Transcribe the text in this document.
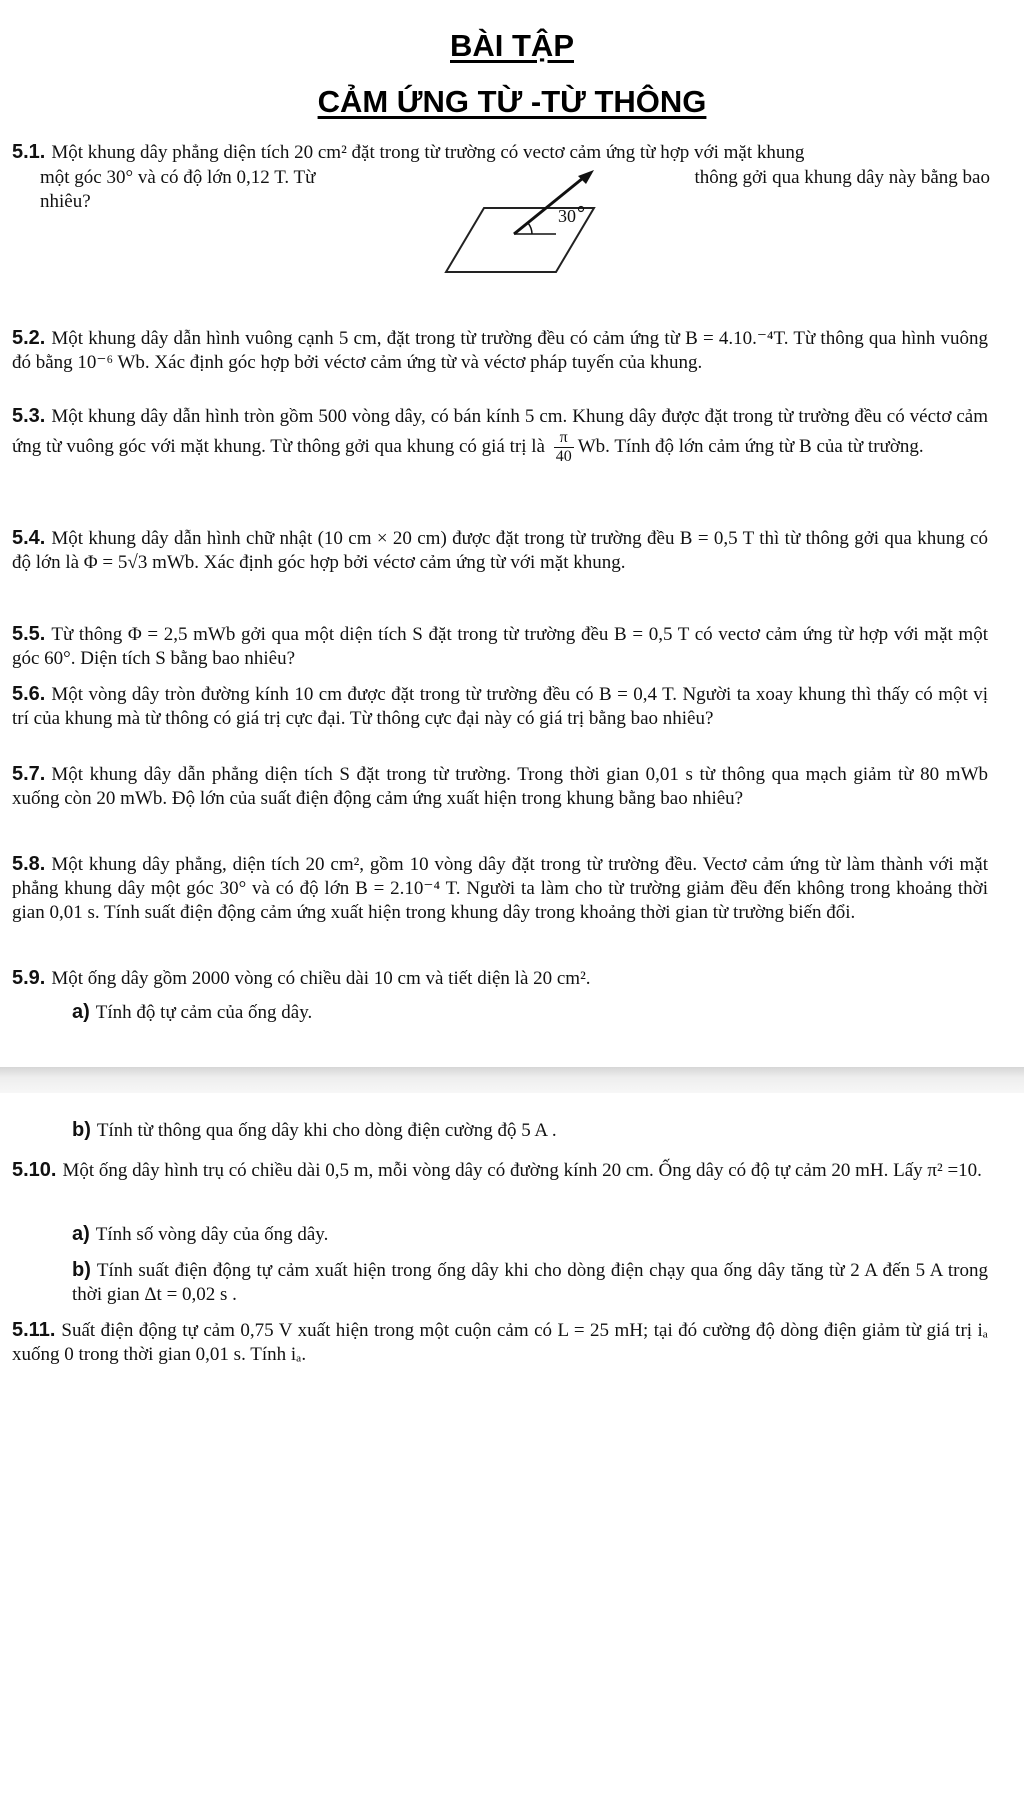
BÀI TẬP
CẢM ỨNG TỪ -TỪ THÔNG
5.1. Một khung dây phẳng diện tích 20 cm² đặt trong từ trường có vectơ cảm ứng từ hợp với mặt khung
một góc 30° và có độ lớn 0,12 T. Từ	thông gởi qua khung dây này bằng bao
nhiêu?
30
5.2. Một khung dây dẫn hình vuông cạnh 5 cm, đặt trong từ trường đều có cảm ứng từ B = 4.10.⁻⁴T. Từ thông qua hình vuông đó bằng 10⁻⁶ Wb. Xác định góc hợp bởi véctơ cảm ứng từ và véctơ pháp tuyến của khung.
5.3. Một khung dây dẫn hình tròn gồm 500 vòng dây, có bán kính 5 cm. Khung dây được đặt trong từ trường đều có véctơ cảm ứng từ vuông góc với mặt khung. Từ thông gởi qua khung có giá trị là $\frac{\pi}{40} Wb$. Tính độ lớn cảm ứng từ B của từ trường.
5.4. Một khung dây dẫn hình chữ nhật (10 cm × 20 cm) được đặt trong từ trường đều B = 0,5 T thì từ thông gởi qua khung có độ lớn là Φ = 5√3 mWb. Xác định góc hợp bởi véctơ cảm ứng từ với mặt khung.
5.5. Từ thông Φ = 2,5 mWb gởi qua một diện tích S đặt trong từ trường đều B = 0,5 T có vectơ cảm ứng từ hợp với mặt một góc 60°. Diện tích S bằng bao nhiêu?
5.6. Một vòng dây tròn đường kính 10 cm được đặt trong từ trường đều có B = 0,4 T. Người ta xoay khung thì thấy có một vị trí của khung mà từ thông có giá trị cực đại. Từ thông cực đại này có giá trị bằng bao nhiêu?
5.7. Một khung dây dẫn phẳng diện tích S đặt trong từ trường. Trong thời gian 0,01 s từ thông qua mạch giảm từ 80 mWb xuống còn 20 mWb. Độ lớn của suất điện động cảm ứng xuất hiện trong khung bằng bao nhiêu?
5.8. Một khung dây phẳng, diện tích 20 cm², gồm 10 vòng dây đặt trong từ trường đều. Vectơ cảm ứng từ làm thành với mặt phẳng khung dây một góc 30° và có độ lớn B = 2.10⁻⁴ T. Người ta làm cho từ trường giảm đều đến không trong khoảng thời gian 0,01 s. Tính suất điện động cảm ứng xuất hiện trong khung dây trong khoảng thời gian từ trường biến đổi.
5.9. Một ống dây gồm 2000 vòng có chiều dài 10 cm và tiết diện là 20 cm².
a) Tính độ tự cảm của ống dây.
b) Tính từ thông qua ống dây khi cho dòng điện cường độ 5 A .
5.10. Một ống dây hình trụ có chiều dài 0,5 m, mỗi vòng dây có đường kính 20 cm. Ống dây có độ tự cảm 20 mH. Lấy π² =10.
a) Tính số vòng dây của ống dây.
b) Tính suất điện động tự cảm xuất hiện trong ống dây khi cho dòng điện chạy qua ống dây tăng từ 2 A đến 5 A trong thời gian Δt = 0,02 s .
5.11. Suất điện động tự cảm 0,75 V xuất hiện trong một cuộn cảm có L = 25 mH; tại đó cường độ dòng điện giảm từ giá trị iₐ xuống 0 trong thời gian 0,01 s. Tính iₐ.
